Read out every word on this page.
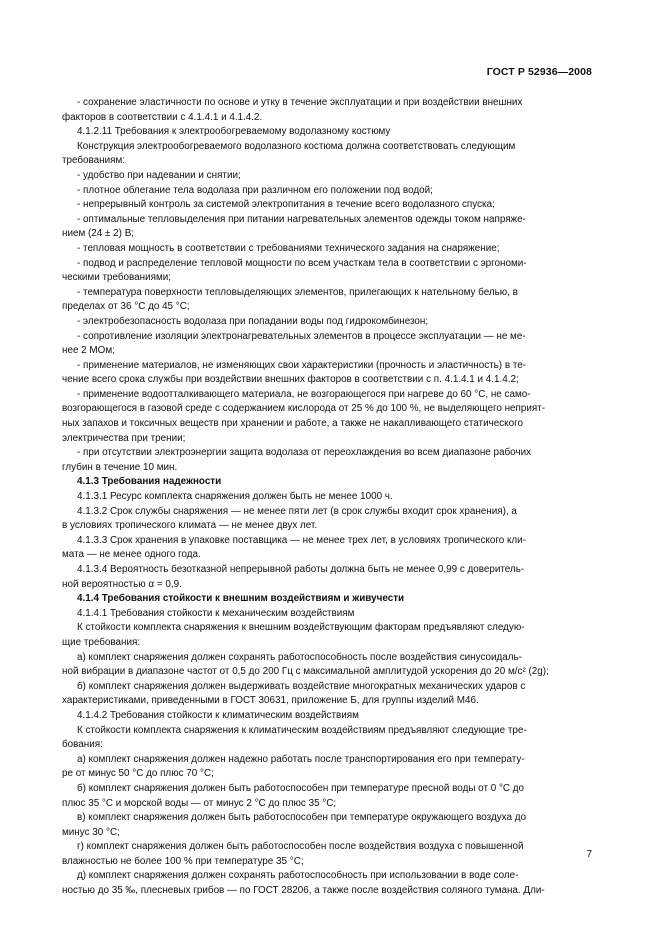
ГОСТ Р 52936—2008

- сохранение эластичности по основе и утку в течение эксплуатации и при воздействии внешних

факторов в соответствии с 4.1.4.1 и 4.1.4.2.

4.1.2.11 Требования к электрообогреваемому водолазному костюму

Конструкция электрообогреваемого водолазного костюма должна соответствовать следующим

требованиям:

- удобство при надевании и снятии;

- плотное облегание тела водолаза при различном его положении под водой;

- непрерывный контроль за системой электропитания в течение всего водолазного спуска;

- оптимальные тепловыделения при питании нагревательных элементов одежды током напряже-

нием (24 ± 2) В;

- тепловая мощность в соответствии с требованиями технического задания на снаряжение;

- подвод и распределение тепловой мощности по всем участкам тела в соответствии с эргономи-

ческими требованиями;

- температура поверхности тепловыделяющих элементов, прилегающих к нательному белью, в

пределах от 36 °С до 45 °С;

- электробезопасность водолаза при попадании воды под гидрокомбинезон;

- сопротивление изоляции электронагревательных элементов в процессе эксплуатации — не ме-

нее 2 МОм;

- применение материалов, не изменяющих свои характеристики (прочность и эластичность) в те-

чение всего срока службы при воздействии внешних факторов в соответствии с п. 4.1.4.1 и 4.1.4.2;

- применение водоотталкивающего материала, не возгорающегося при нагреве до 60 °С, не само-

возгорающегося в газовой среде с содержанием кислорода от 25 % до 100 %, не выделяющего неприят-

ных запахов и токсичных веществ при хранении и работе, а также не накапливающего статического

электричества при трении;

- при отсутствии электроэнергии защита водолаза от переохлаждения во всем диапазоне рабочих

глубин в течение 10 мин.

4.1.3 Требования надежности

4.1.3.1 Ресурс комплекта снаряжения должен быть не менее 1000 ч.

4.1.3.2 Срок службы снаряжения — не менее пяти лет (в срок службы входит срок хранения), а

в условиях тропического климата — не менее двух лет.

4.1.3.3 Срок хранения в упаковке поставщика — не менее трех лет, в условиях тропического кли-

мата — не менее одного года.

4.1.3.4 Вероятность безотказной непрерывной работы должна быть не менее 0,99 с доверитель-

ной вероятностью α = 0,9.

4.1.4 Требования стойкости к внешним воздействиям и живучести

4.1.4.1 Требования стойкости к механическим воздействиям

К стойкости комплекта снаряжения к внешним воздействующим факторам предъявляют следую-

щие требования:

а) комплект снаряжения должен сохранять работоспособность после воздействия синусоидаль-

ной вибрации в диапазоне частот от 0,5 до 200 Гц с максимальной амплитудой ускорения до 20 м/с² (2g);

б) комплект снаряжения должен выдерживать воздействие многократных механических ударов с

характеристиками, приведенными в ГОСТ 30631, приложение Б, для группы изделий М46.

4.1.4.2 Требования стойкости к климатическим воздействиям

К стойкости комплекта снаряжения к климатическим воздействиям предъявляют следующие тре-

бования:

а) комплект снаряжения должен надежно работать после транспортирования его при температу-

ре от минус 50 °С до плюс 70 °С;

б) комплект снаряжения должен быть работоспособен при температуре пресной воды от 0 °С до

плюс 35 °С и морской воды — от минус 2 °С до плюс 35 °С;

в) комплект снаряжения должен быть работоспособен при температуре окружающего воздуха до

минус 30 °С;

г) комплект снаряжения должен быть работоспособен после воздействия воздуха с повышенной

влажностью не более 100 % при температуре 35 °С;

д) комплект снаряжения должен сохранять работоспособность при использовании в воде соле-

ностью до 35 ‰, плесневых грибов — по ГОСТ 28206, а также после воздействия соляного тумана. Дли-

7
